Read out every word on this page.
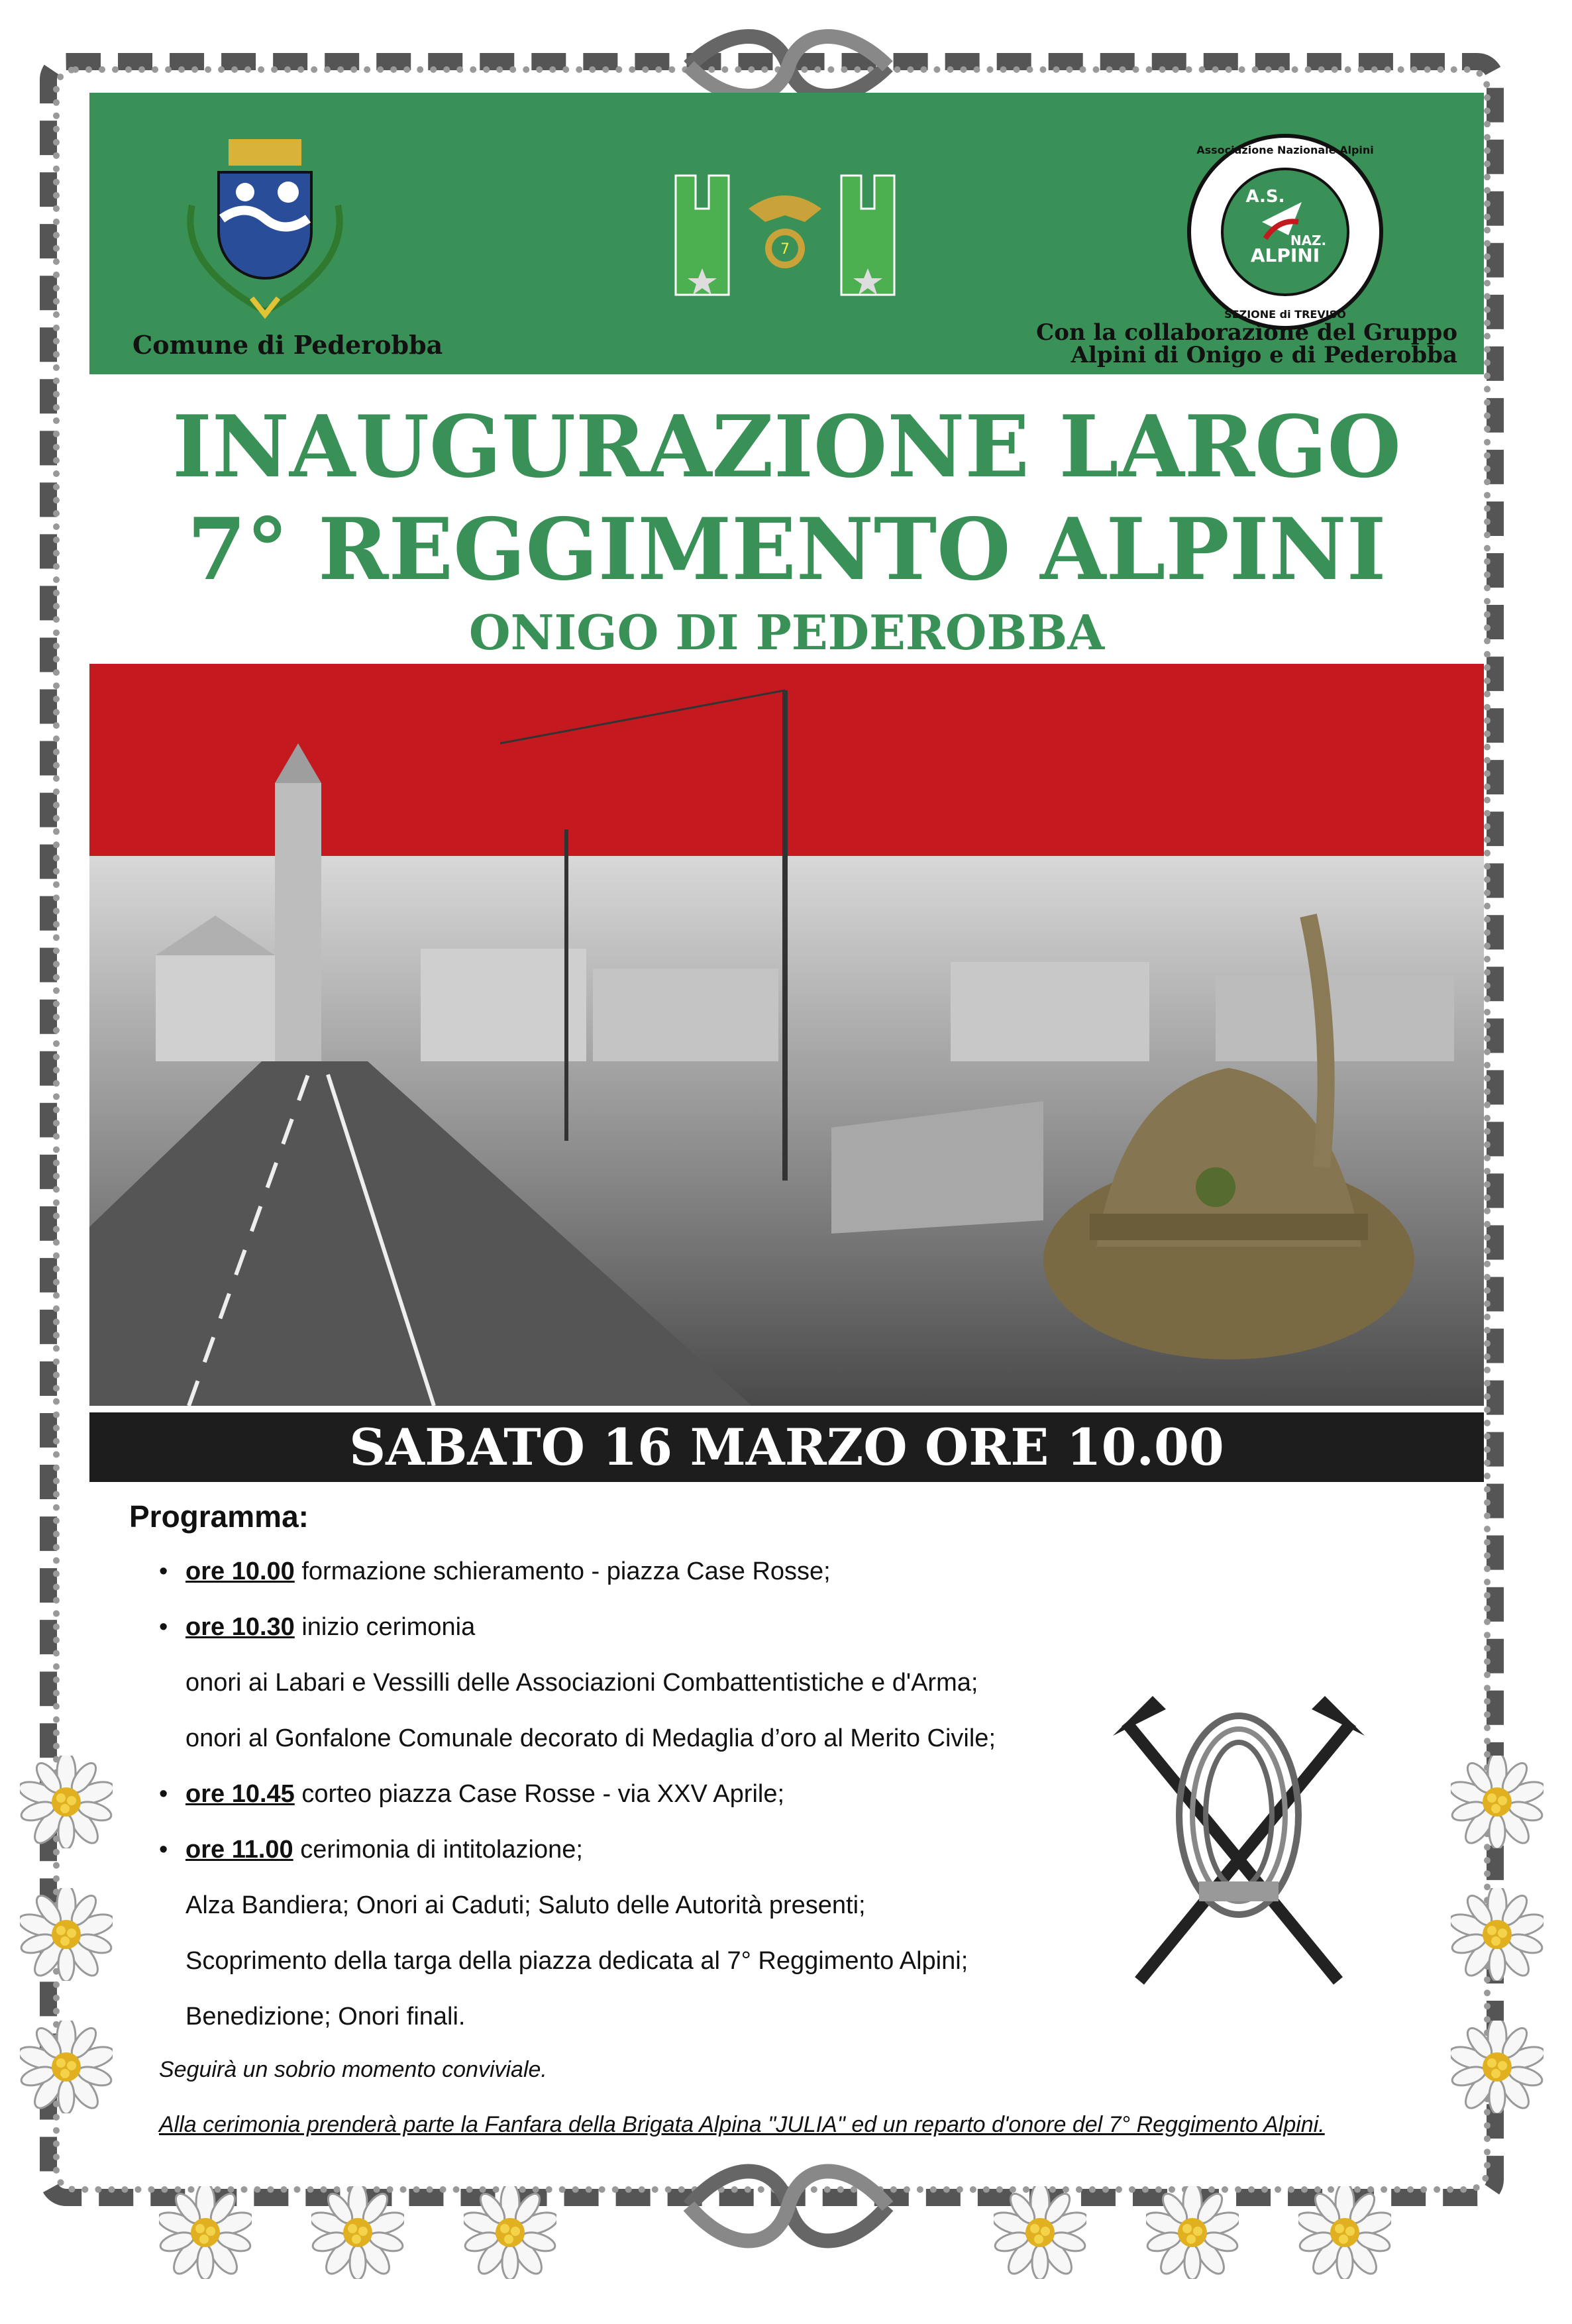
Comune di Pederobba
7	ALPINI
NAZ.
A.S.
SEZIONE di TREVISO
Associazione Nazionale Alpini
Con la collaborazione del Gruppo
Alpini di Onigo e di Pederobba
INAUGURAZIONE LARGO
7° REGGIMENTO ALPINI
ONIGO DI PEDEROBBA
SABATO 16 MARZO ORE 10.00
Programma:
• ore 10.00 formazione schieramento - piazza Case Rosse;
• ore 10.30 inizio cerimonia
onori ai Labari e Vessilli delle Associazioni Combattentistiche e d'Arma;
onori al Gonfalone Comunale decorato di Medaglia d’oro al Merito Civile;
• ore 10.45 corteo piazza Case Rosse - via XXV Aprile;
• ore 11.00 cerimonia di intitolazione;
Alza Bandiera; Onori ai Caduti; Saluto delle Autorità presenti;
Scoprimento della targa della piazza dedicata al 7° Reggimento Alpini;
Benedizione; Onori finali.
Seguirà un sobrio momento conviviale.
Alla cerimonia prenderà parte la Fanfara della Brigata Alpina "JULIA" ed un reparto d'onore del 7° Reggimento Alpini.
